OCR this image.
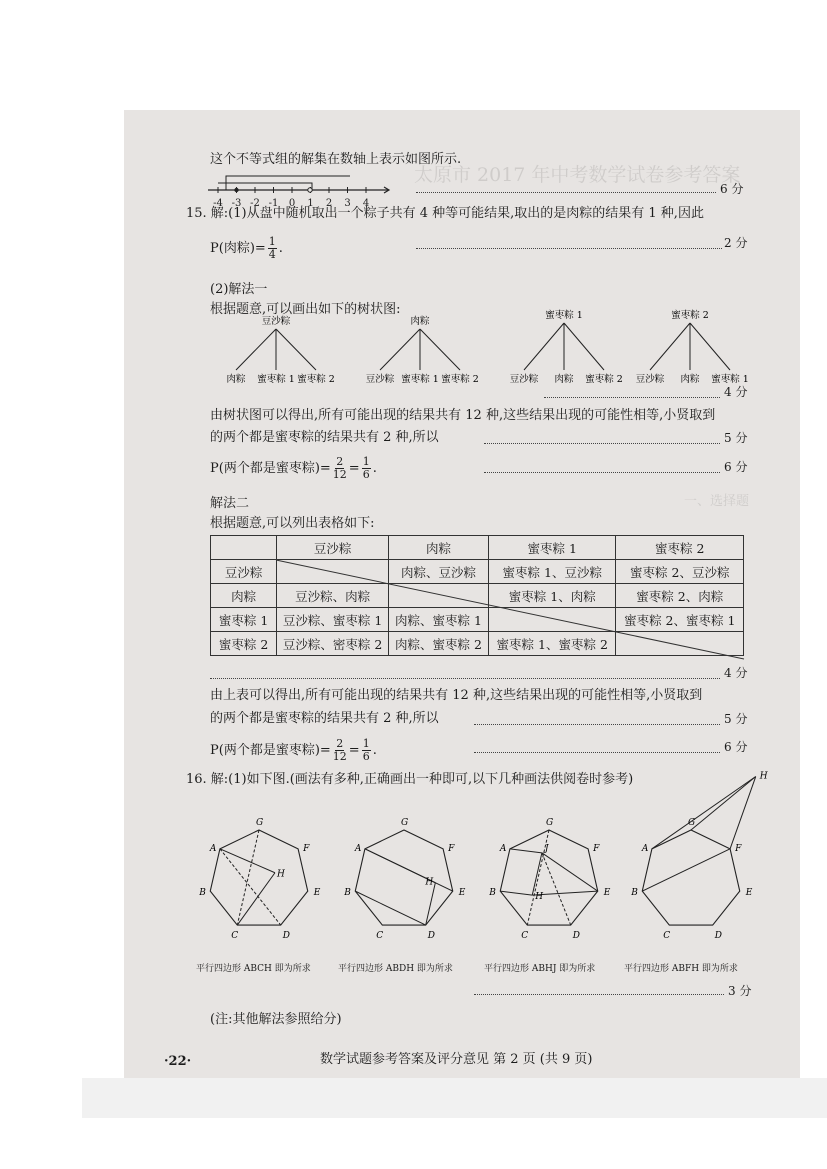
太原市 2017 年中考数学试卷参考答案
一、选择题
这个不等式组的解集在数轴上表示如图所示.
-4 -3 -2 -1 0 1 2 3 4
6 分
15. 解:(1)从盘中随机取出一个粽子共有 4 种等可能结果,取出的是肉粽的结果有 1 种,因此
P(肉粽)= $\frac{1}{4}$ .	2 分
(2)解法一
根据题意,可以画出如下的树状图:
豆沙粽
肉粽 蜜枣粽 1 蜜枣粽 2
肉粽
豆沙粽 蜜枣粽 1 蜜枣粽 2
蜜枣粽 1
豆沙粽 肉粽 蜜枣粽 2
蜜枣粽 2
豆沙粽 肉粽 蜜枣粽 1
4 分
由树状图可以得出,所有可能出现的结果共有 12 种,这些结果出现的可能性相等,小贤取到
的两个都是蜜枣粽的结果共有 2 种,所以	5 分
P(两个都是蜜枣粽)= $\frac{2}{12} = \frac{1}{6}$ .	6 分
解法二
根据题意,可以列出表格如下:
	豆沙粽	肉粽	蜜枣粽 1	蜜枣粽 2
豆沙粽		肉粽、豆沙粽	蜜枣粽 1、豆沙粽	蜜枣粽 2、豆沙粽
肉粽	豆沙粽、肉粽		蜜枣粽 1、肉粽	蜜枣粽 2、肉粽
蜜枣粽 1	豆沙粽、蜜枣粽 1	肉粽、蜜枣粽 1		蜜枣粽 2、蜜枣粽 1
蜜枣粽 2	豆沙粽、密枣粽 2	肉粽、蜜枣粽 2	蜜枣粽 1、蜜枣粽 2	
4 分
由上表可以得出,所有可能出现的结果共有 12 种,这些结果出现的可能性相等,小贤取到
的两个都是蜜枣粽的结果共有 2 种,所以	5 分
P(两个都是蜜枣粽)= $\frac{2}{12} = \frac{1}{6}$ .	6 分
16. 解:(1)如下图.(画法有多种,正确画出一种即可,以下几种画法供阅卷时参考)
A
B
C	D
E
F
G
H
A
B
C	D
E
F
G
H
A
B
C	D
E
F
G
J
H
A
B
C	D
E
F
G
H
平行四边形 ABCH 即为所求	平行四边形 ABDH 即为所求	平行四边形 ABHJ 即为所求	平行四边形 ABFH 即为所求
3 分
(注:其他解法参照给分)
·22·	数学试题参考答案及评分意见 第 2 页 (共 9 页)
